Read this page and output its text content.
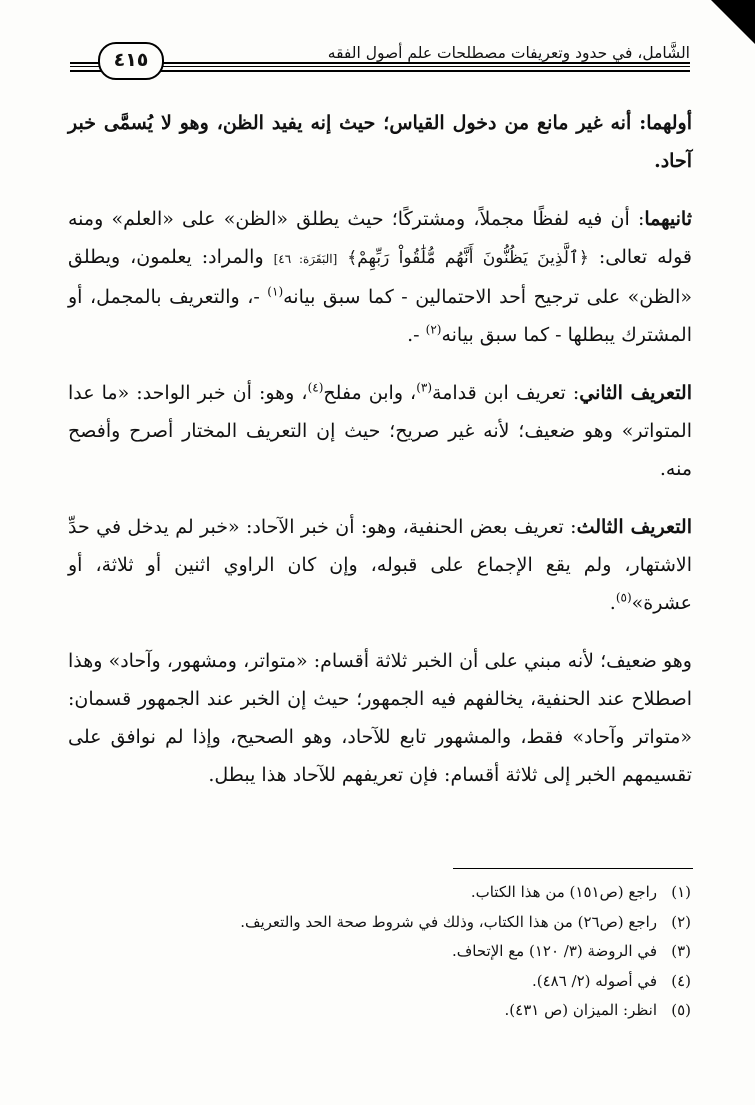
الشَّامل، في حدود وتعريفات مصطلحات علم أصول الفقه
٤١٥

أولهما: أنه غير مانع من دخول القياس؛ حيث إنه يفيد الظن، وهو لا يُسمَّى خبر آحاد.

ثانيهما: أن فيه لفظًا مجملاً، ومشتركًا؛ حيث يطلق «الظن» على «العلم» ومنه قوله تعالى: ﴿ٱلَّذِينَ يَظُنُّونَ أَنَّهُم مُّلَٰقُواْ رَبِّهِمْ﴾ [البَقَرَة: ٤٦] والمراد: يعلمون، ويطلق «الظن» على ترجيح أحد الاحتمالين - كما سبق بيانه$^{(١)}$ -، والتعريف بالمجمل، أو المشترك يبطلها - كما سبق بيانه$^{(٢)}$ -.

التعريف الثاني: تعريف ابن قدامة$^{(٣)}$، وابن مفلح$^{(٤)}$، وهو: أن خبر الواحد: «ما عدا المتواتر» وهو ضعيف؛ لأنه غير صريح؛ حيث إن التعريف المختار أصرح وأفصح منه.

التعريف الثالث: تعريف بعض الحنفية، وهو: أن خبر الآحاد: «خبر لم يدخل في حدِّ الاشتهار، ولم يقع الإجماع على قبوله، وإن كان الراوي اثنين أو ثلاثة، أو عشرة»$^{(٥)}$.

وهو ضعيف؛ لأنه مبني على أن الخبر ثلاثة أقسام: «متواتر، ومشهور، وآحاد» وهذا اصطلاح عند الحنفية، يخالفهم فيه الجمهور؛ حيث إن الخبر عند الجمهور قسمان: «متواتر وآحاد» فقط، والمشهور تابع للآحاد، وهو الصحيح، وإذا لم نوافق على تقسيمهم الخبر إلى ثلاثة أقسام: فإن تعريفهم للآحاد هذا يبطل.

(١)راجع (ص١٥١) من هذا الكتاب.
(٢)راجع (ص٢٦) من هذا الكتاب، وذلك في شروط صحة الحد والتعريف.
(٣)في الروضة (٣/ ١٢٠) مع الإتحاف.
(٤)في أصوله (٢/ ٤٨٦).
(٥)انظر: الميزان (ص ٤٣١).
